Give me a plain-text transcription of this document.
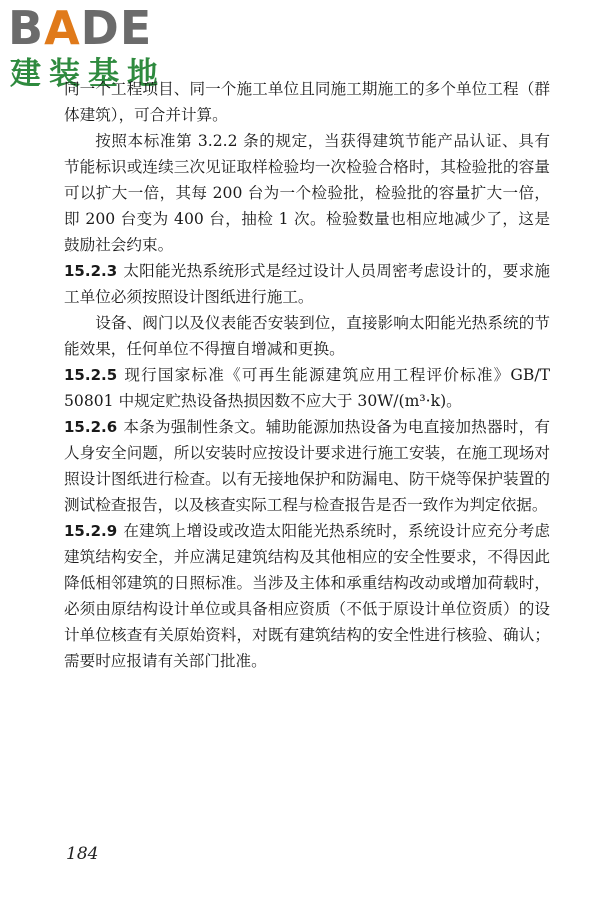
BADE
建装基地

同一个工程项目、同一个施工单位且同施工期施工的多个单位工程（群体建筑），可合并计算。

按照本标准第 3.2.2 条的规定，当获得建筑节能产品认证、具有节能标识或连续三次见证取样检验均一次检验合格时，其检验批的容量可以扩大一倍，其每 200 台为一个检验批，检验批的容量扩大一倍，即 200 台变为 400 台，抽检 1 次。检验数量也相应地减少了，这是鼓励社会约束。

15.2.3 太阳能光热系统形式是经过设计人员周密考虑设计的，要求施工单位必须按照设计图纸进行施工。

设备、阀门以及仪表能否安装到位，直接影响太阳能光热系统的节能效果，任何单位不得擅自增减和更换。

15.2.5 现行国家标准《可再生能源建筑应用工程评价标准》GB/T 50801 中规定贮热设备热损因数不应大于 30W/(m³·k)。

15.2.6 本条为强制性条文。辅助能源加热设备为电直接加热器时，有人身安全问题，所以安装时应按设计要求进行施工安装，在施工现场对照设计图纸进行检查。以有无接地保护和防漏电、防干烧等保护装置的测试检查报告，以及核查实际工程与检查报告是否一致作为判定依据。

15.2.9 在建筑上增设或改造太阳能光热系统时，系统设计应充分考虑建筑结构安全，并应满足建筑结构及其他相应的安全性要求，不得因此降低相邻建筑的日照标准。当涉及主体和承重结构改动或增加荷载时，必须由原结构设计单位或具备相应资质（不低于原设计单位资质）的设计单位核查有关原始资料，对既有建筑结构的安全性进行核验、确认；需要时应报请有关部门批准。

184
